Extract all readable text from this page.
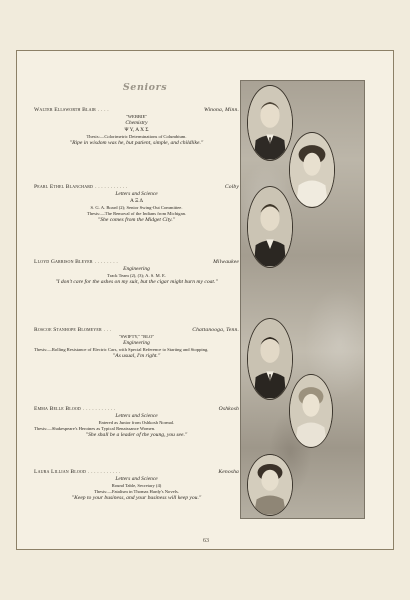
Seniors
Walter Ellsworth Blair . . . .	Winona, Minn.
"WEBBIE"
Chemistry
Ψ Υ, Α Χ Σ
Thesis:—Colorimetric Determinations of Columbium.
"Ripe in wisdom was he, but patient, simple, and childlike."
Pearl Ethel Blanchard . . . . . . . . . . .	Colby
Letters and Science
Α Ξ Δ
S. G. A. Board (2); Senior Swing-Out Committee.
Thesis:—The Removal of the Indians from Michigan.
"She comes from the Midget City."
Lloyd Garrison Bleyer . . . . . . . .	Milwaukee
Engineering
Track Team (2), (3); A. S. M. E.
"I don't care for the ashes on my suit, but the cigar might burn my coat."
Roscoe Stanhope Blomeyer . . .	Chattanooga, Tenn.
"SWIFTY," "BLO"
Engineering
Thesis:—Rolling Resistance of Electric Cars, with Special Reference to Starting and Stopping.
"As usual, I'm right."
Emma Belle Blood . . . . . . . . . . .	Oshkosh
Letters and Science
Entered as Junior from Oshkosh Normal.
Thesis:—Shakespeare's Heroines as Typical Renaissance Women.
"She shall be a leader of the young, you see."
Laura Lillian Blood . . . . . . . . . . .	Kenosha
Letters and Science
Round Table, Secretary (4)
Thesis:—Fatalism in Thomas Hardy's Novels.
"Keep to your business, and your business will keep you."
63
